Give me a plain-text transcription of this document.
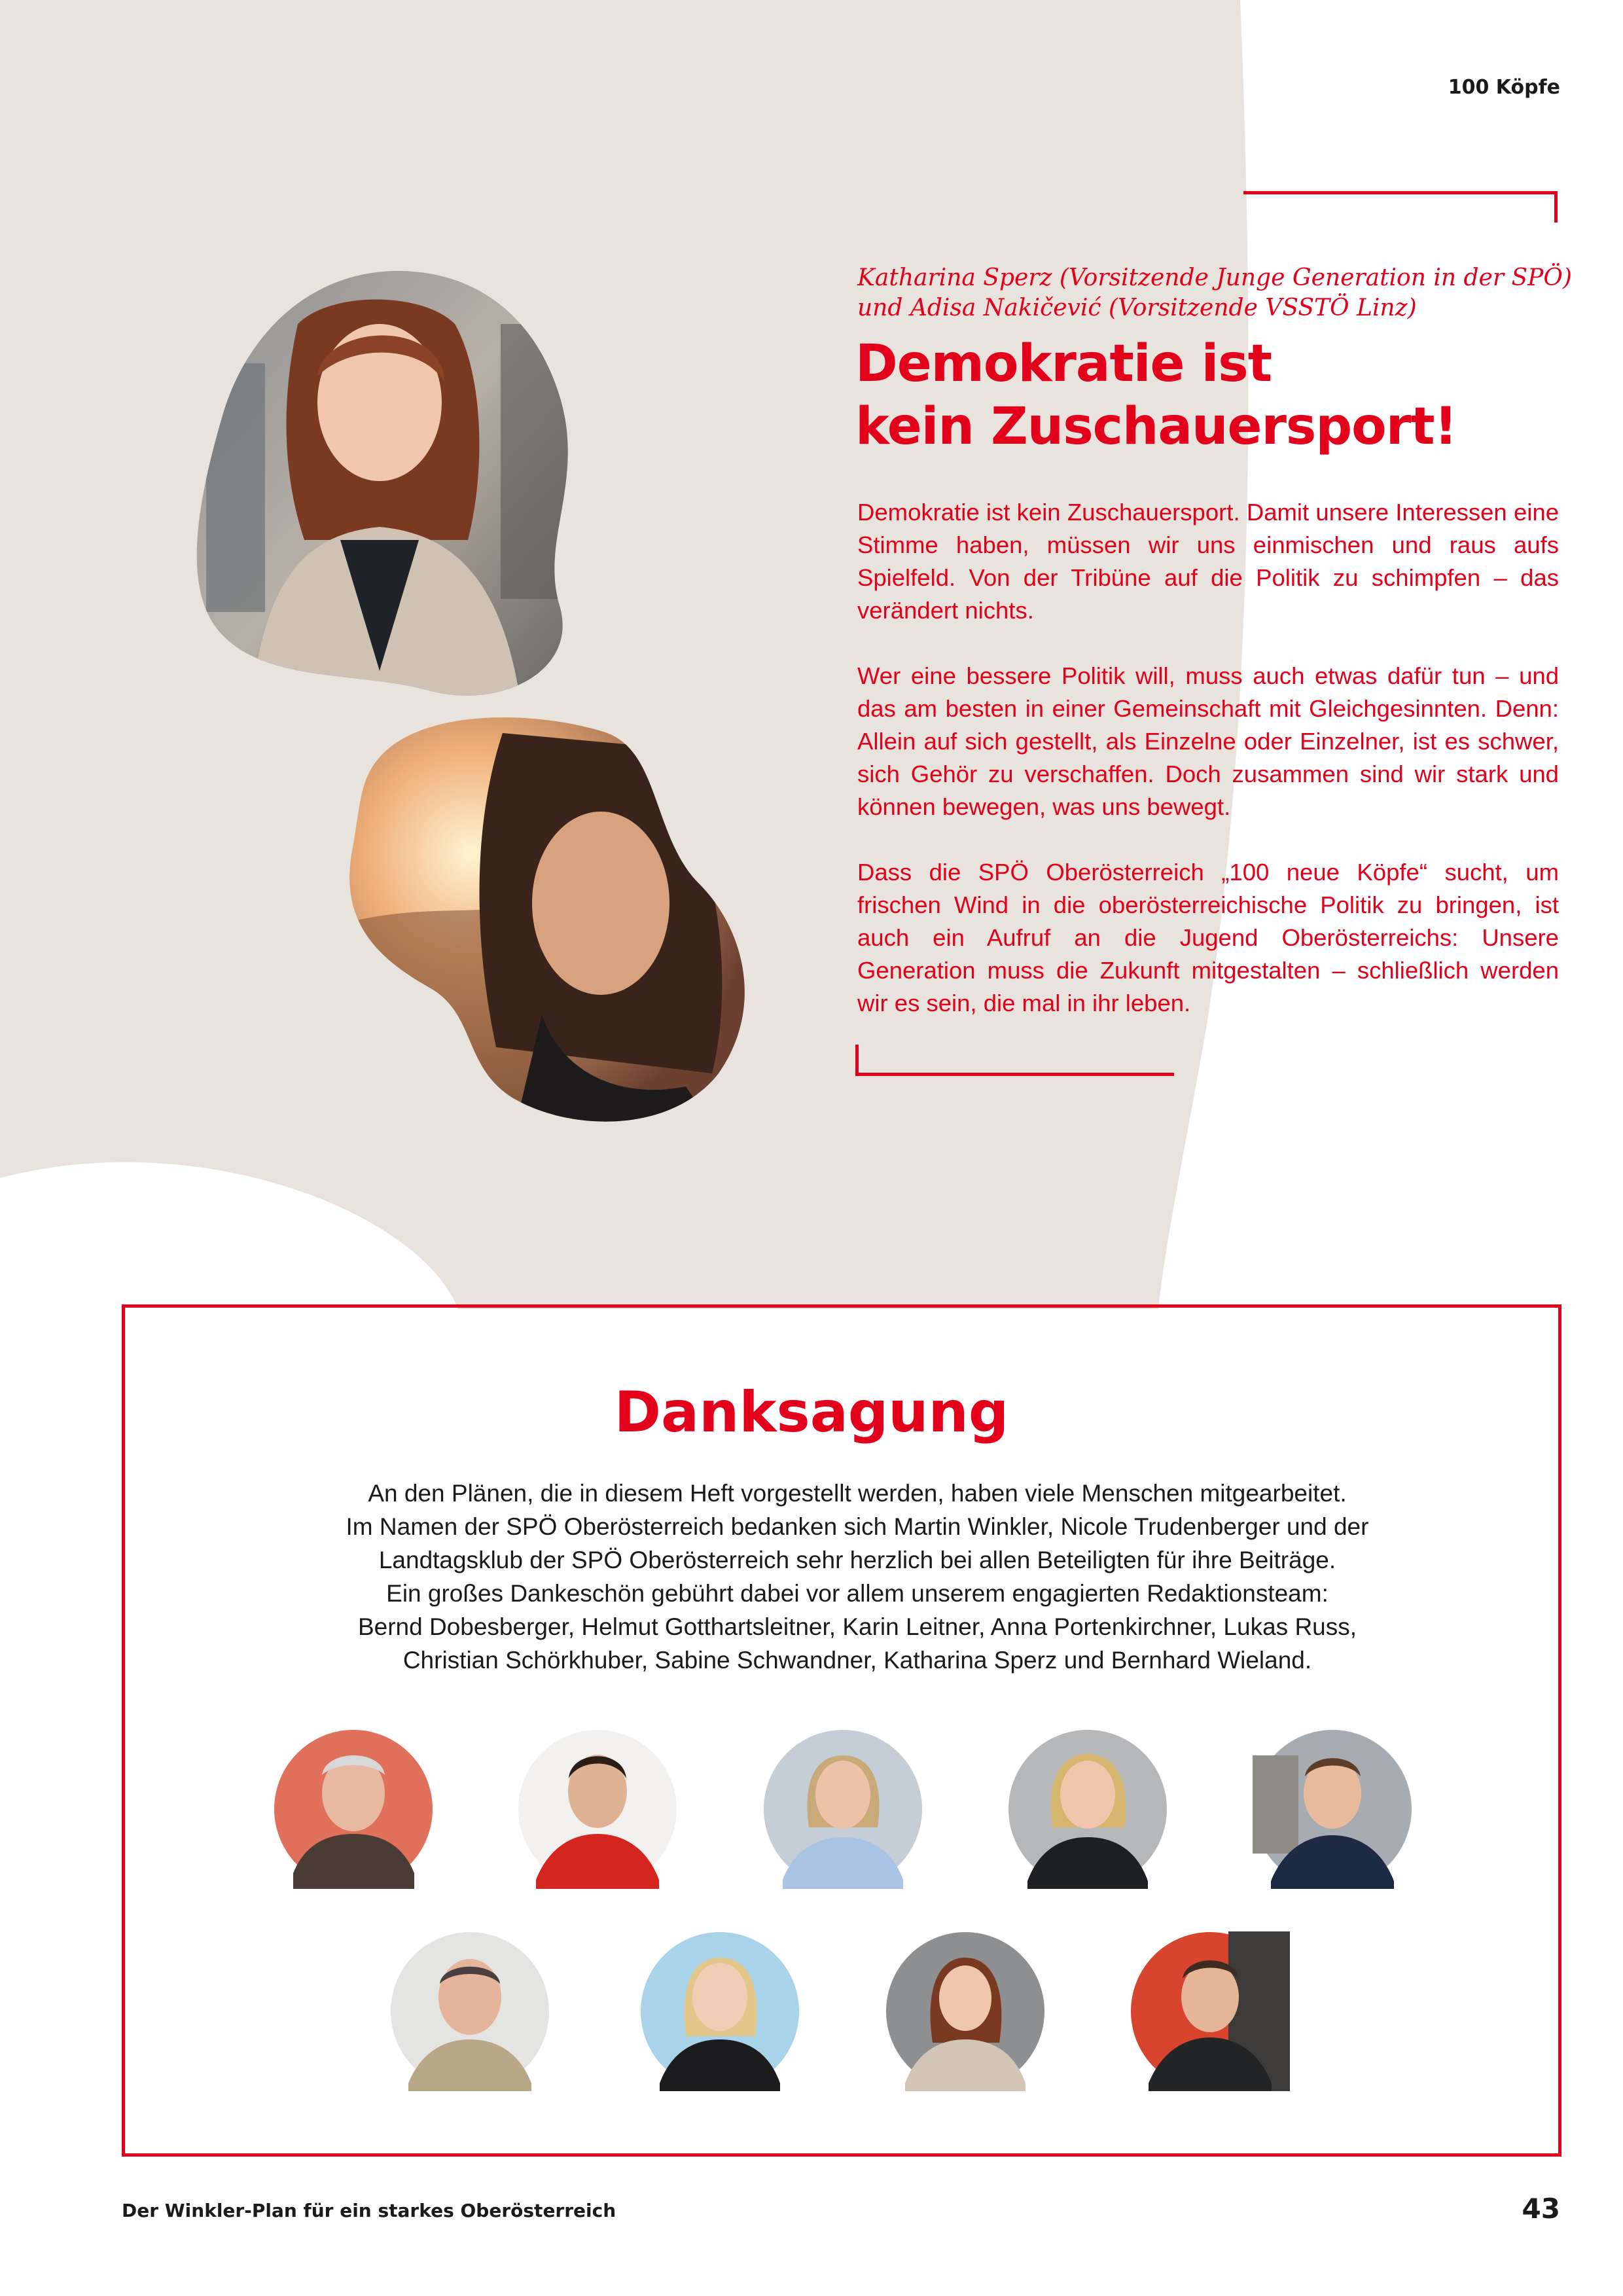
100 Köpfe
Katharina Sperz (Vorsitzende Junge Generation in der SPÖ)
und Adisa Nakičević (Vorsitzende VSSTÖ Linz)
Demokratie ist
kein Zuschauersport!

Demokratie ist kein Zuschauersport. Damit unsere Interessen eine Stimme haben, müssen wir uns einmischen und raus aufs Spielfeld. Von der Tribüne auf die Politik zu schimpfen – das verändert nichts.

Wer eine bessere Politik will, muss auch etwas dafür tun – und das am besten in einer Gemeinschaft mit Gleichgesinnten. Denn: Allein auf sich gestellt, als Einzelne oder Einzelner, ist es schwer, sich Gehör zu verschaffen. Doch zusammen sind wir stark und können bewegen, was uns bewegt.

Dass die SPÖ Oberösterreich „100 neue Köpfe“ sucht, um frischen Wind in die oberösterreichische Politik zu bringen, ist auch ein Aufruf an die Jugend Oberösterreichs: Unsere Generation muss die Zukunft mitgestalten – schließlich werden wir es sein, die mal in ihr leben.

Danksagung
An den Plänen, die in diesem Heft vorgestellt werden, haben viele Menschen mitgearbeitet.
Im Namen der SPÖ Oberösterreich bedanken sich Martin Winkler, Nicole Trudenberger und der
Landtagsklub der SPÖ Oberösterreich sehr herzlich bei allen Beteiligten für ihre Beiträge.
Ein großes Dankeschön gebührt dabei vor allem unserem engagierten Redaktionsteam:
Bernd Dobesberger, Helmut Gotthartsleitner, Karin Leitner, Anna Portenkirchner, Lukas Russ,
Christian Schörkhuber, Sabine Schwandner, Katharina Sperz und Bernhard Wieland.
Der Winkler-Plan für ein starkes Oberösterreich	43
